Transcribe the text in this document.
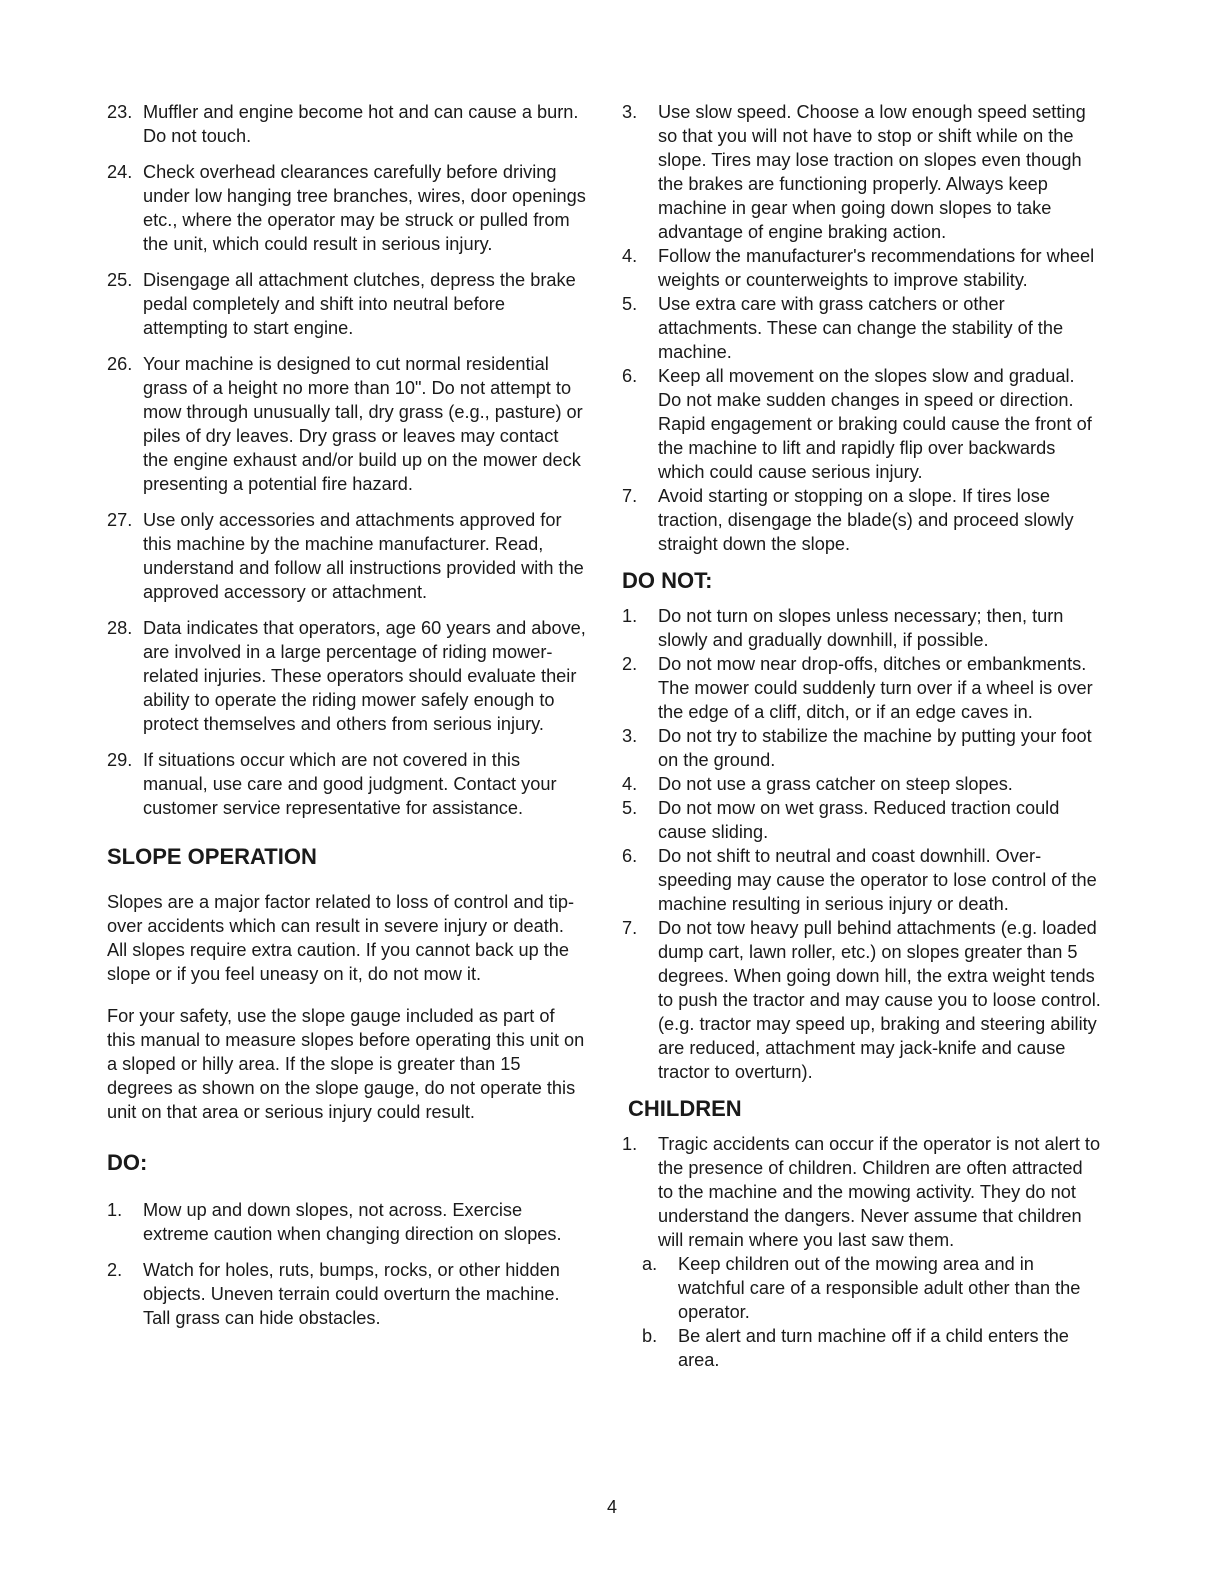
23. Muffler and engine become hot and can cause a burn. Do not touch.
24. Check overhead clearances carefully before driving under low hanging tree branches, wires, door openings etc., where the operator may be struck or pulled from the unit, which could result in serious injury.
25. Disengage all attachment clutches, depress the brake pedal completely and shift into neutral before attempting to start engine.
26. Your machine is designed to cut normal residential grass of a height no more than 10". Do not attempt to mow through unusually tall, dry grass (e.g., pasture) or piles of dry leaves. Dry grass or leaves may contact the engine exhaust and/or build up on the mower deck presenting a potential fire hazard.
27. Use only accessories and attachments approved for this machine by the machine manufacturer. Read, understand and follow all instructions provided with the approved accessory or attachment.
28. Data indicates that operators, age 60 years and above, are involved in a large percentage of riding mower-related injuries. These operators should evaluate their ability to operate the riding mower safely enough to protect themselves and others from serious injury.
29. If situations occur which are not covered in this manual, use care and good judgment. Contact your customer service representative for assistance.
SLOPE OPERATION

Slopes are a major factor related to loss of control and tip-over accidents which can result in severe injury or death. All slopes require extra caution. If you cannot back up the slope or if you feel uneasy on it, do not mow it.

For your safety, use the slope gauge included as part of this manual to measure slopes before operating this unit on a sloped or hilly area. If the slope is greater than 15 degrees as shown on the slope gauge, do not operate this unit on that area or serious injury could result.

DO:
1. Mow up and down slopes, not across. Exercise extreme caution when changing direction on slopes.
2. Watch for holes, ruts, bumps, rocks, or other hidden objects. Uneven terrain could overturn the machine. Tall grass can hide obstacles.
3. Use slow speed. Choose a low enough speed setting so that you will not have to stop or shift while on the slope. Tires may lose traction on slopes even though the brakes are functioning properly. Always keep machine in gear when going down slopes to take advantage of engine braking action.
4. Follow the manufacturer's recommendations for wheel weights or counterweights to improve stability.
5. Use extra care with grass catchers or other attachments. These can change the stability of the machine.
6. Keep all movement on the slopes slow and gradual. Do not make sudden changes in speed or direction. Rapid engagement or braking could cause the front of the machine to lift and rapidly flip over backwards which could cause serious injury.
7. Avoid starting or stopping on a slope. If tires lose traction, disengage the blade(s) and proceed slowly straight down the slope.
DO NOT:
1. Do not turn on slopes unless necessary; then, turn slowly and gradually downhill, if possible.
2. Do not mow near drop-offs, ditches or embankments. The mower could suddenly turn over if a wheel is over the edge of a cliff, ditch, or if an edge caves in.
3. Do not try to stabilize the machine by putting your foot on the ground.
4. Do not use a grass catcher on steep slopes.
5. Do not mow on wet grass. Reduced traction could cause sliding.
6. Do not shift to neutral and coast downhill. Over-speeding may cause the operator to lose control of the machine resulting in serious injury or death.
7. Do not tow heavy pull behind attachments (e.g. loaded dump cart, lawn roller, etc.) on slopes greater than 5 degrees. When going down hill, the extra weight tends to push the tractor and may cause you to loose control. (e.g. tractor may speed up, braking and steering ability are reduced, attachment may jack-knife and cause tractor to overturn).
CHILDREN
1. Tragic accidents can occur if the operator is not alert to the presence of children. Children are often attracted to the machine and the mowing activity. They do not understand the dangers. Never assume that children will remain where you last saw them.
a. Keep children out of the mowing area and in watchful care of a responsible adult other than the operator.
b. Be alert and turn machine off if a child enters the area.
4
